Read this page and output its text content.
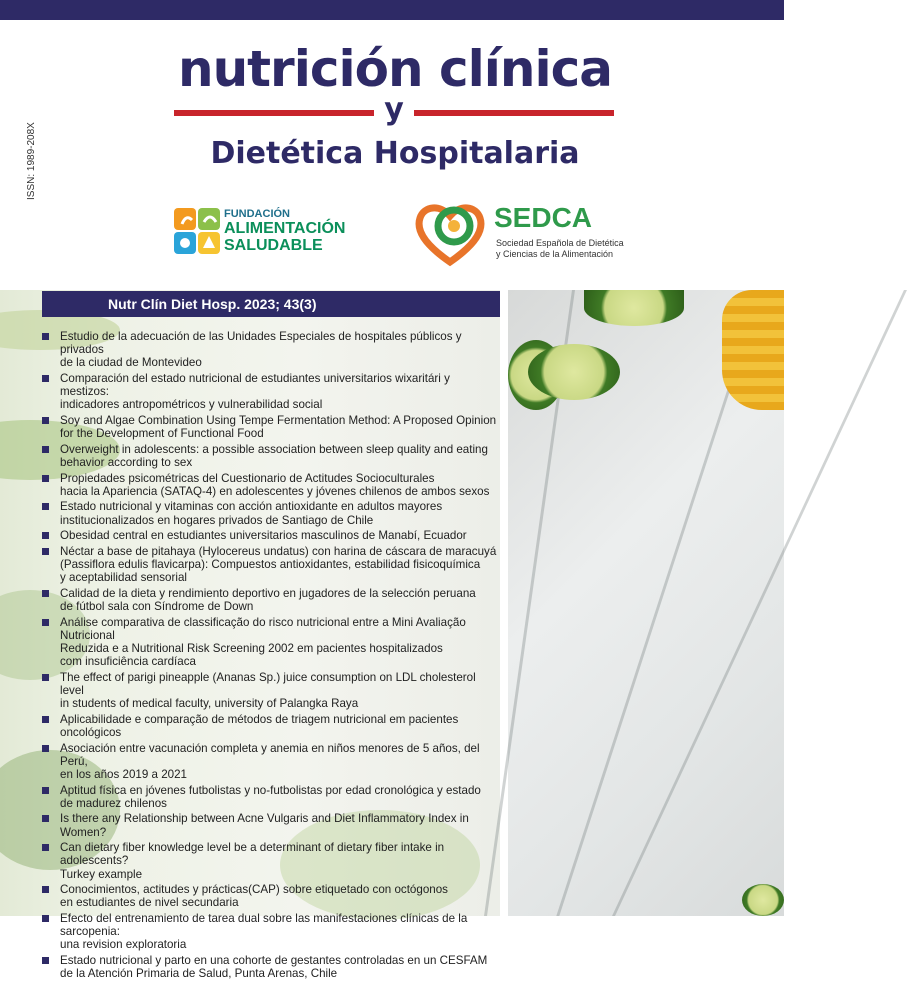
ISSN: 1989-208X
nutrición clínica
y
Dietética Hospitalaria
FUNDACIÓN
ALIMENTACIÓN
SALUDABLE
SEDCA
Sociedad Española de Dietética
y Ciencias de la Alimentación
Nutr Clín Diet Hosp. 2023; 43(3)
Estudio de la adecuación de las Unidades Especiales de hospitales públicos y privados
de la ciudad de Montevideo
Comparación del estado nutricional de estudiantes universitarios wixaritári y mestizos:
indicadores antropométricos y vulnerabilidad social
Soy and Algae Combination Using Tempe Fermentation Method: A Proposed Opinion
for the Development of Functional Food
Overweight in adolescents: a possible association between sleep quality and eating
behavior according to sex
Propiedades psicométricas del Cuestionario de Actitudes Socioculturales
hacia la Apariencia (SATAQ-4) en adolescentes y jóvenes chilenos de ambos sexos
Estado nutricional y vitaminas con acción antioxidante en adultos mayores
institucionalizados en hogares privados de Santiago de Chile
Obesidad central en estudiantes universitarios masculinos de Manabí, Ecuador
Néctar a base de pitahaya (Hylocereus undatus) con harina de cáscara de maracuyá
(Passiflora edulis flavicarpa): Compuestos antioxidantes, estabilidad fisicoquímica
y aceptabilidad sensorial
Calidad de la dieta y rendimiento deportivo en jugadores de la selección peruana
de fútbol sala con Síndrome de Down
Análise comparativa de classificação do risco nutricional entre a Mini Avaliação Nutricional
Reduzida e a Nutritional Risk Screening 2002 em pacientes hospitalizados
com insuficiência cardíaca
The effect of parigi pineapple (Ananas Sp.) juice consumption on LDL cholesterol level
in students of medical faculty, university of Palangka Raya
Aplicabilidade e comparação de métodos de triagem nutricional em pacientes oncológicos
Asociación entre vacunación completa y anemia en niños menores de 5 años, del Perú,
en los años 2019 a 2021
Aptitud física en jóvenes futbolistas y no-futbolistas por edad cronológica y estado
de madurez chilenos
Is there any Relationship between Acne Vulgaris and Diet Inflammatory Index in Women?
Can dietary fiber knowledge level be a determinant of dietary fiber intake in adolescents?
Turkey example
Conocimientos, actitudes y prácticas(CAP) sobre etiquetado con octógonos
en estudiantes de nivel secundaria
Efecto del entrenamiento de tarea dual sobre las manifestaciones clínicas de la sarcopenia:
una revision exploratoria
Estado nutricional y parto en una cohorte de gestantes controladas en un CESFAM
de la Atención Primaria de Salud, Punta Arenas, Chile
